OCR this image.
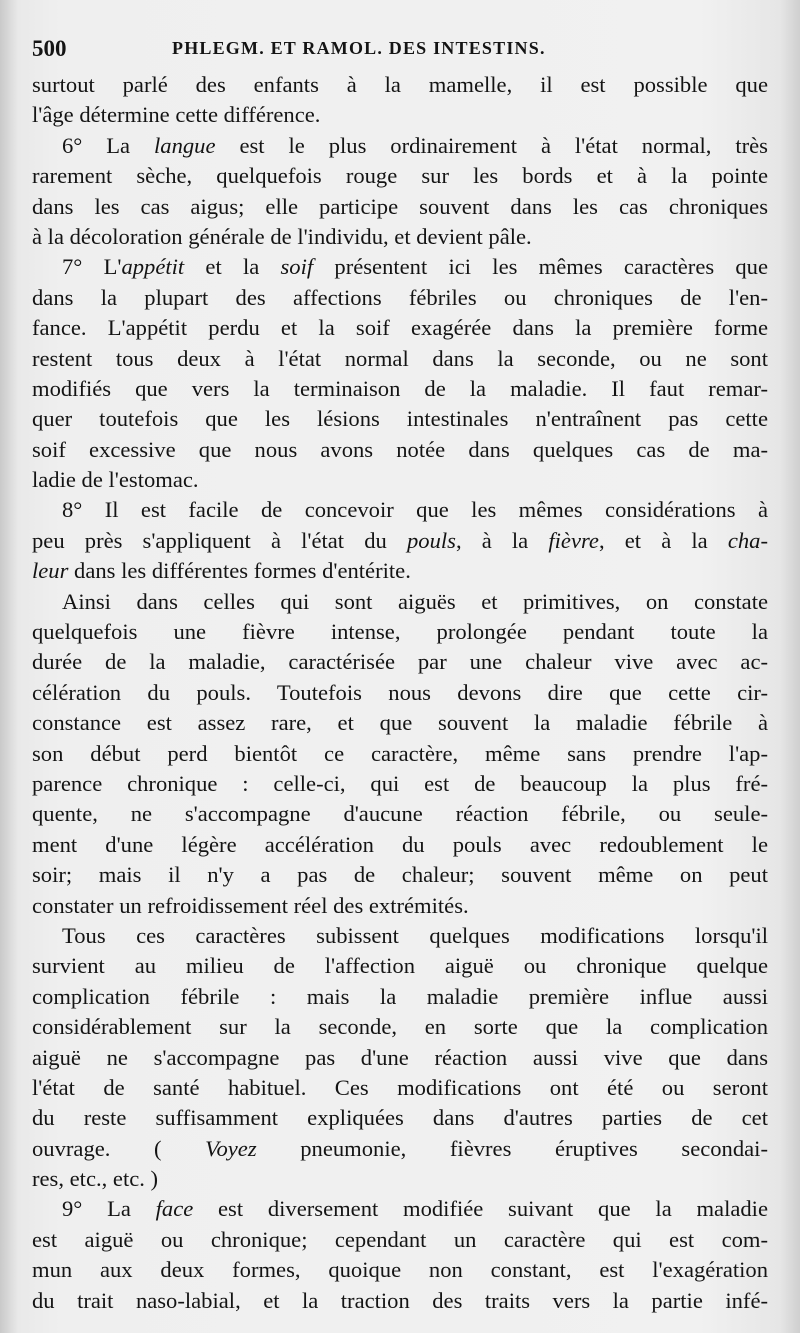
500	PHLEGM. ET RAMOL. DES INTESTINS.
surtout parlé des enfants à la mamelle, il est possible que
l'âge détermine cette différence.
6° La langue est le plus ordinairement à l'état normal, très
rarement sèche, quelquefois rouge sur les bords et à la pointe
dans les cas aigus; elle participe souvent dans les cas chroniques
à la décoloration générale de l'individu, et devient pâle.
7° L'appétit et la soif présentent ici les mêmes caractères que
dans la plupart des affections fébriles ou chroniques de l'en-
fance. L'appétit perdu et la soif exagérée dans la première forme
restent tous deux à l'état normal dans la seconde, ou ne sont
modifiés que vers la terminaison de la maladie. Il faut remar-
quer toutefois que les lésions intestinales n'entraînent pas cette
soif excessive que nous avons notée dans quelques cas de ma-
ladie de l'estomac.
8° Il est facile de concevoir que les mêmes considérations à
peu près s'appliquent à l'état du pouls, à la fièvre, et à la cha-
leur dans les différentes formes d'entérite.
Ainsi dans celles qui sont aiguës et primitives, on constate
quelquefois une fièvre intense, prolongée pendant toute la
durée de la maladie, caractérisée par une chaleur vive avec ac-
célération du pouls. Toutefois nous devons dire que cette cir-
constance est assez rare, et que souvent la maladie fébrile à
son début perd bientôt ce caractère, même sans prendre l'ap-
parence chronique : celle-ci, qui est de beaucoup la plus fré-
quente, ne s'accompagne d'aucune réaction fébrile, ou seule-
ment d'une légère accélération du pouls avec redoublement le
soir; mais il n'y a pas de chaleur; souvent même on peut
constater un refroidissement réel des extrémités.
Tous ces caractères subissent quelques modifications lorsqu'il
survient au milieu de l'affection aiguë ou chronique quelque
complication fébrile : mais la maladie première influe aussi
considérablement sur la seconde, en sorte que la complication
aiguë ne s'accompagne pas d'une réaction aussi vive que dans
l'état de santé habituel. Ces modifications ont été ou seront
du reste suffisamment expliquées dans d'autres parties de cet
ouvrage. ( Voyez pneumonie, fièvres éruptives secondai-
res, etc., etc. )
9° La face est diversement modifiée suivant que la maladie
est aiguë ou chronique; cependant un caractère qui est com-
mun aux deux formes, quoique non constant, est l'exagération
du trait naso-labial, et la traction des traits vers la partie infé-
